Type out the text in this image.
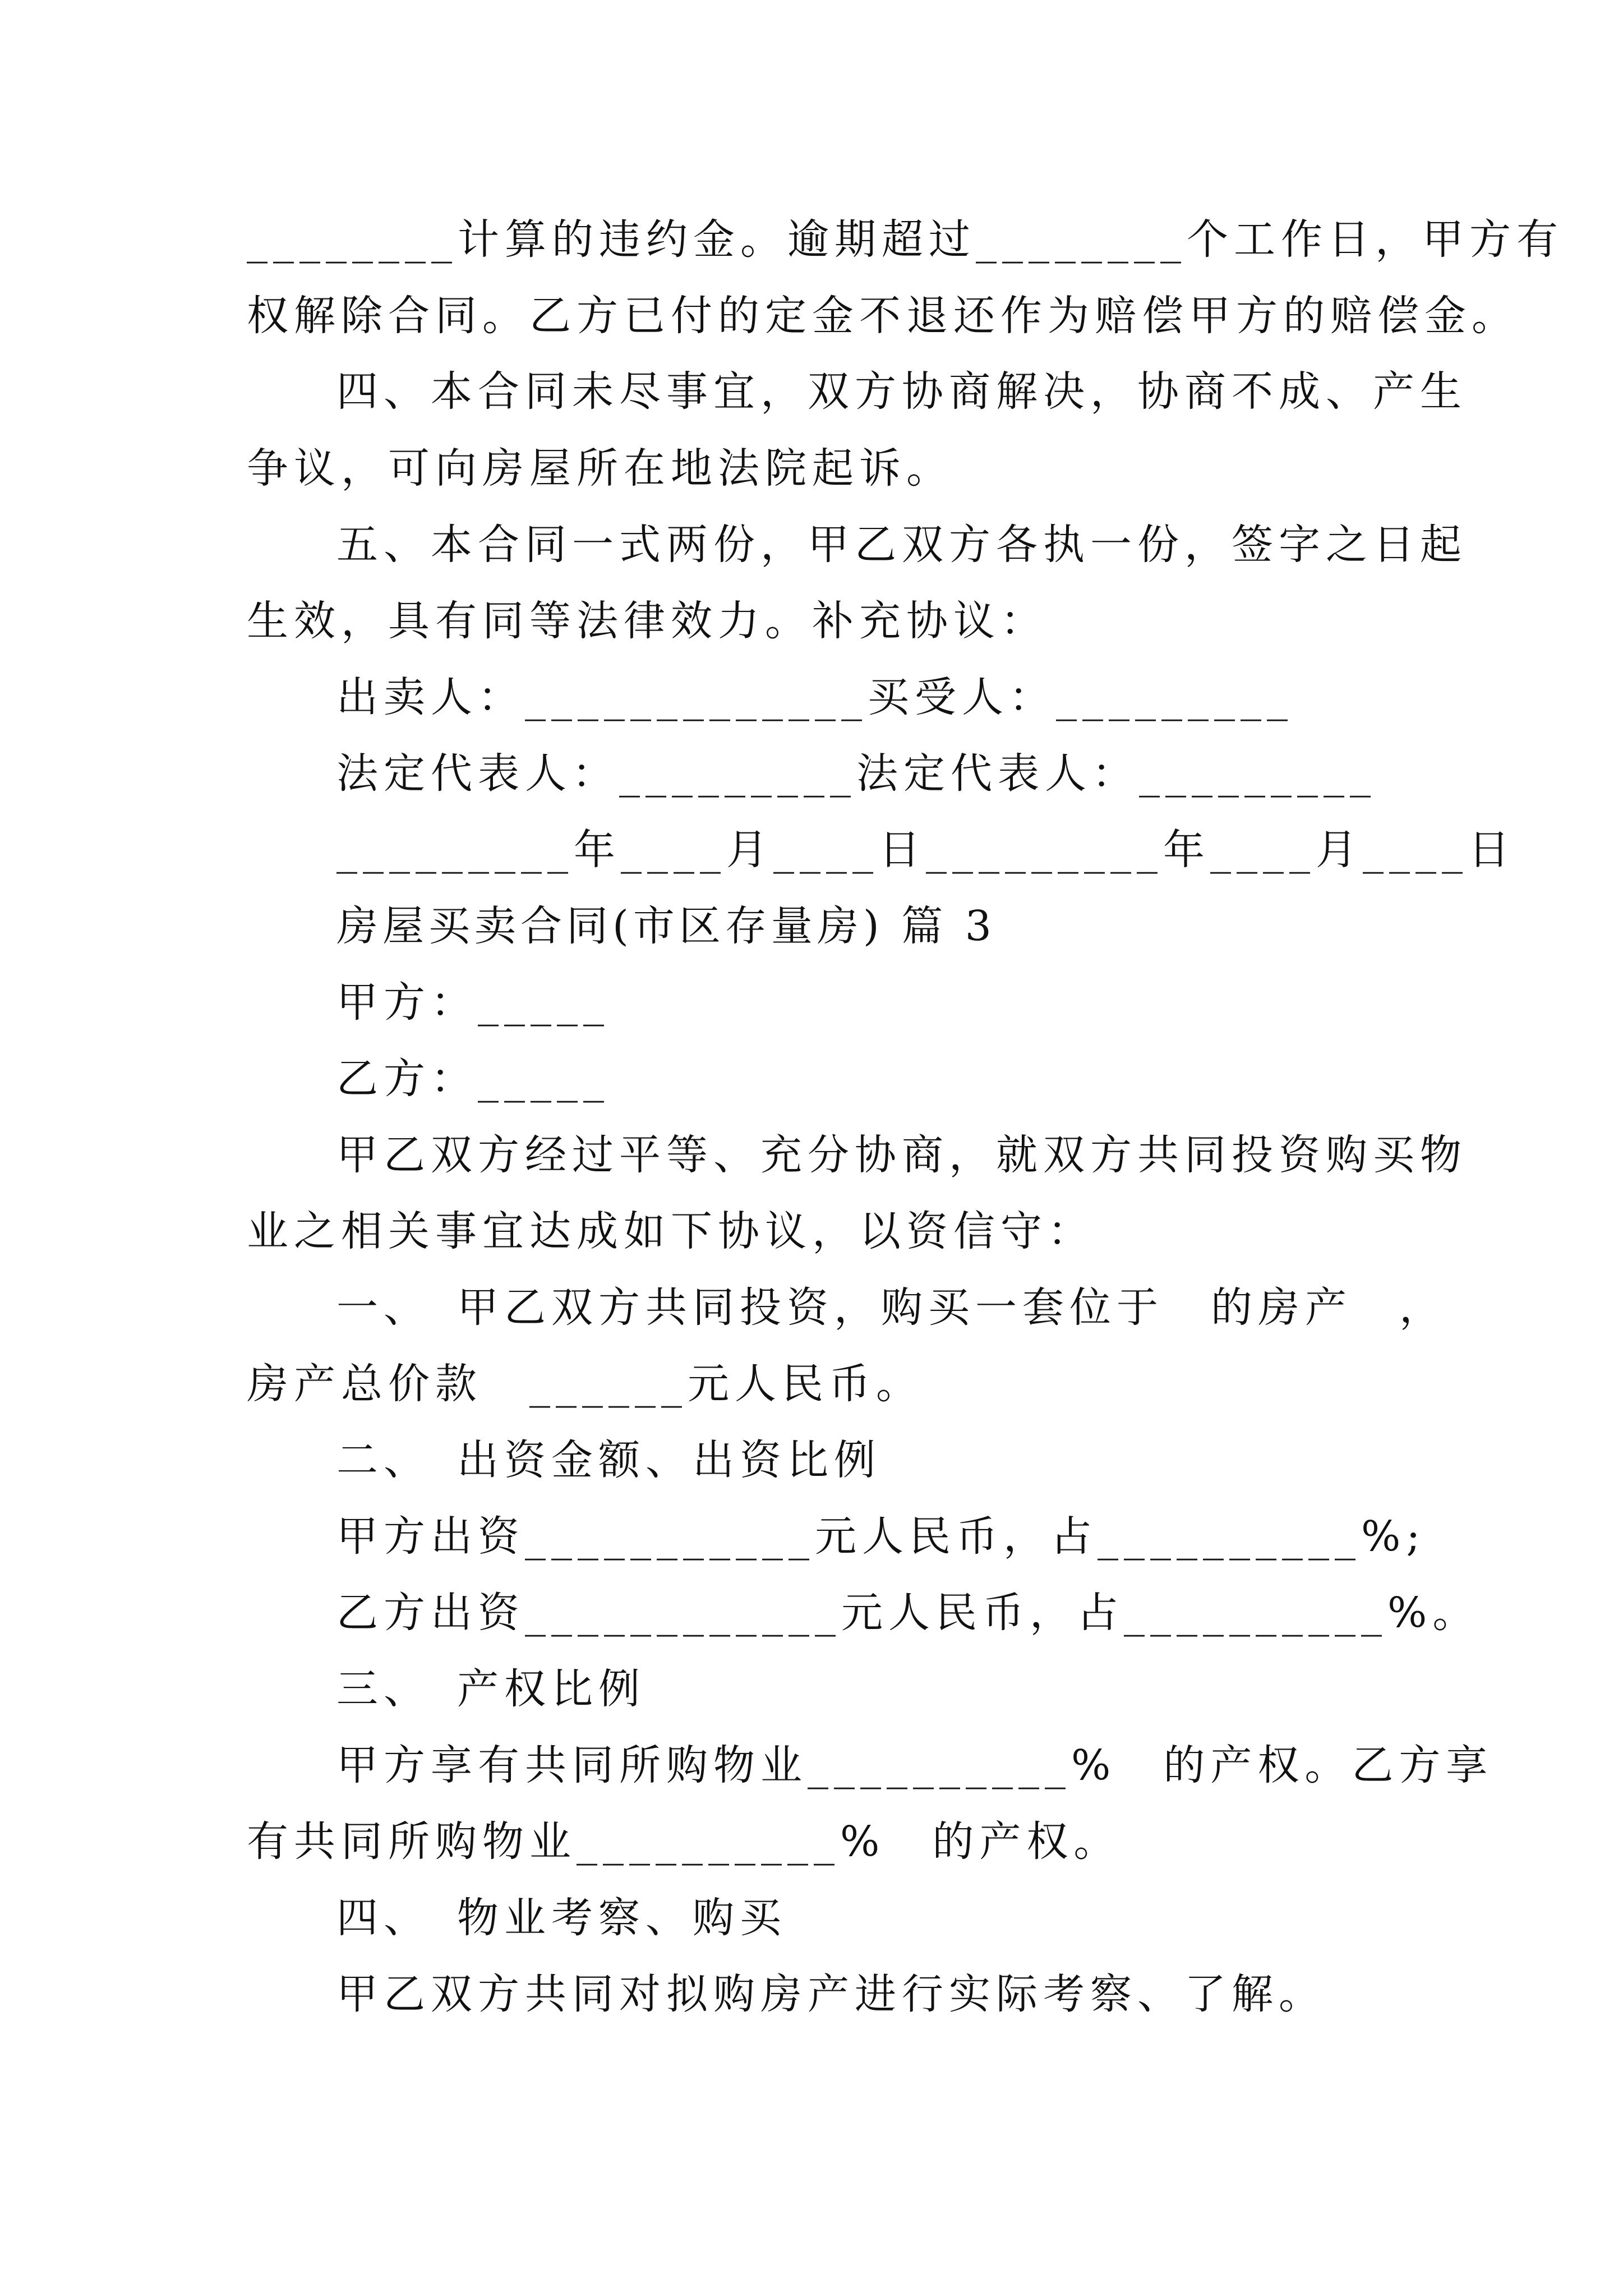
________计算的违约金。逾期超过________个工作日，甲方有
权解除合同。乙方已付的定金不退还作为赔偿甲方的赔偿金。
四、本合同未尽事宜，双方协商解决，协商不成、产生
争议，可向房屋所在地法院起诉。
五、本合同一式两份，甲乙双方各执一份，签字之日起
生效，具有同等法律效力。补充协议：
出卖人：_____________买受人：_________
法定代表人：_________法定代表人：_________
_________年____月____日_________年____月____日
房屋买卖合同(市区存量房) 篇 3
甲方：_____
乙方：_____
甲乙双方经过平等、充分协商，就双方共同投资购买物
业之相关事宜达成如下协议，以资信守：
一、　甲乙双方共同投资，购买一套位于　的房产　，
房产总价款　______元人民币。
二、　出资金额、出资比例
甲方出资___________元人民币，占__________%;
乙方出资____________元人民币，占__________%。
三、　产权比例
甲方享有共同所购物业__________%　的产权。乙方享
有共同所购物业__________%　的产权。
四、　物业考察、购买
甲乙双方共同对拟购房产进行实际考察、了解。
